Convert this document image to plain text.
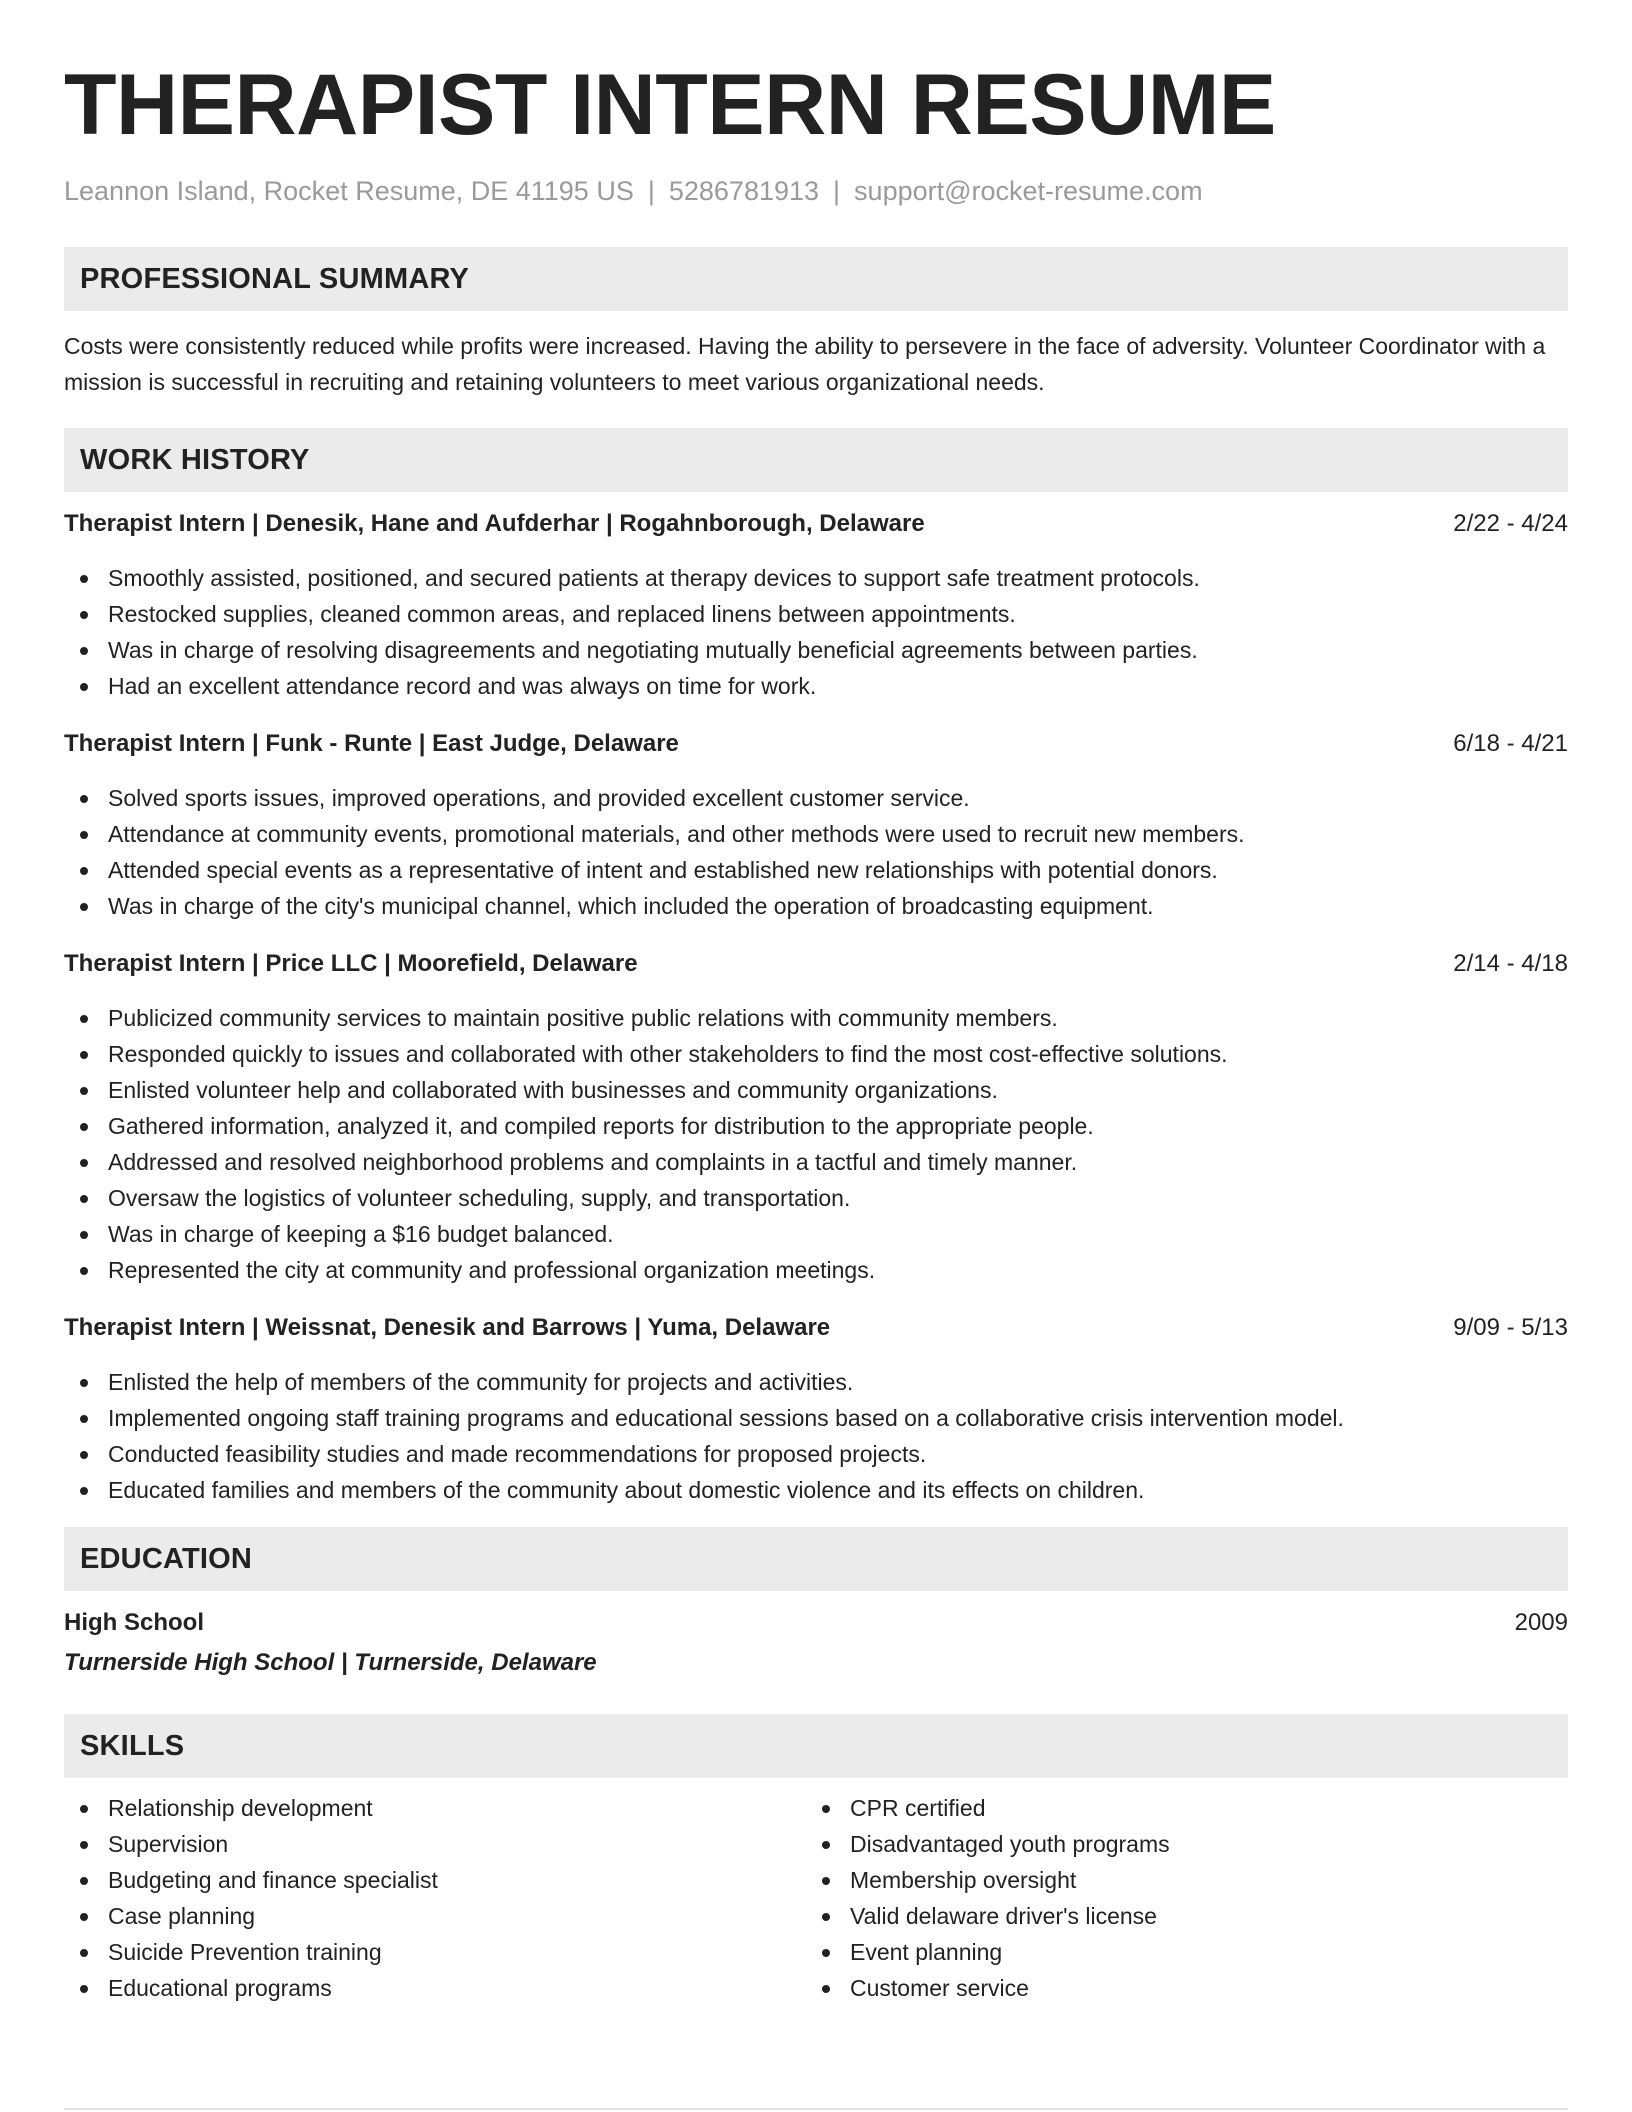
THERAPIST INTERN RESUME
Leannon Island, Rocket Resume, DE 41195 US | 5286781913 | support@rocket-resume.com
PROFESSIONAL SUMMARY
Costs were consistently reduced while profits were increased. Having the ability to persevere in the face of adversity. Volunteer Coordinator with a mission is successful in recruiting and retaining volunteers to meet various organizational needs.
WORK HISTORY
Therapist Intern | Denesik, Hane and Aufderhar | Rogahnborough, Delaware	2/22 - 4/24
Smoothly assisted, positioned, and secured patients at therapy devices to support safe treatment protocols.
Restocked supplies, cleaned common areas, and replaced linens between appointments.
Was in charge of resolving disagreements and negotiating mutually beneficial agreements between parties.
Had an excellent attendance record and was always on time for work.
Therapist Intern | Funk - Runte | East Judge, Delaware	6/18 - 4/21
Solved sports issues, improved operations, and provided excellent customer service.
Attendance at community events, promotional materials, and other methods were used to recruit new members.
Attended special events as a representative of intent and established new relationships with potential donors.
Was in charge of the city's municipal channel, which included the operation of broadcasting equipment.
Therapist Intern | Price LLC | Moorefield, Delaware	2/14 - 4/18
Publicized community services to maintain positive public relations with community members.
Responded quickly to issues and collaborated with other stakeholders to find the most cost-effective solutions.
Enlisted volunteer help and collaborated with businesses and community organizations.
Gathered information, analyzed it, and compiled reports for distribution to the appropriate people.
Addressed and resolved neighborhood problems and complaints in a tactful and timely manner.
Oversaw the logistics of volunteer scheduling, supply, and transportation.
Was in charge of keeping a $16 budget balanced.
Represented the city at community and professional organization meetings.
Therapist Intern | Weissnat, Denesik and Barrows | Yuma, Delaware	9/09 - 5/13
Enlisted the help of members of the community for projects and activities.
Implemented ongoing staff training programs and educational sessions based on a collaborative crisis intervention model.
Conducted feasibility studies and made recommendations for proposed projects.
Educated families and members of the community about domestic violence and its effects on children.
EDUCATION
High School	2009
Turnerside High School | Turnerside, Delaware
SKILLS
Relationship development
Supervision
Budgeting and finance specialist
Case planning
Suicide Prevention training
Educational programs
CPR certified
Disadvantaged youth programs
Membership oversight
Valid delaware driver's license
Event planning
Customer service
